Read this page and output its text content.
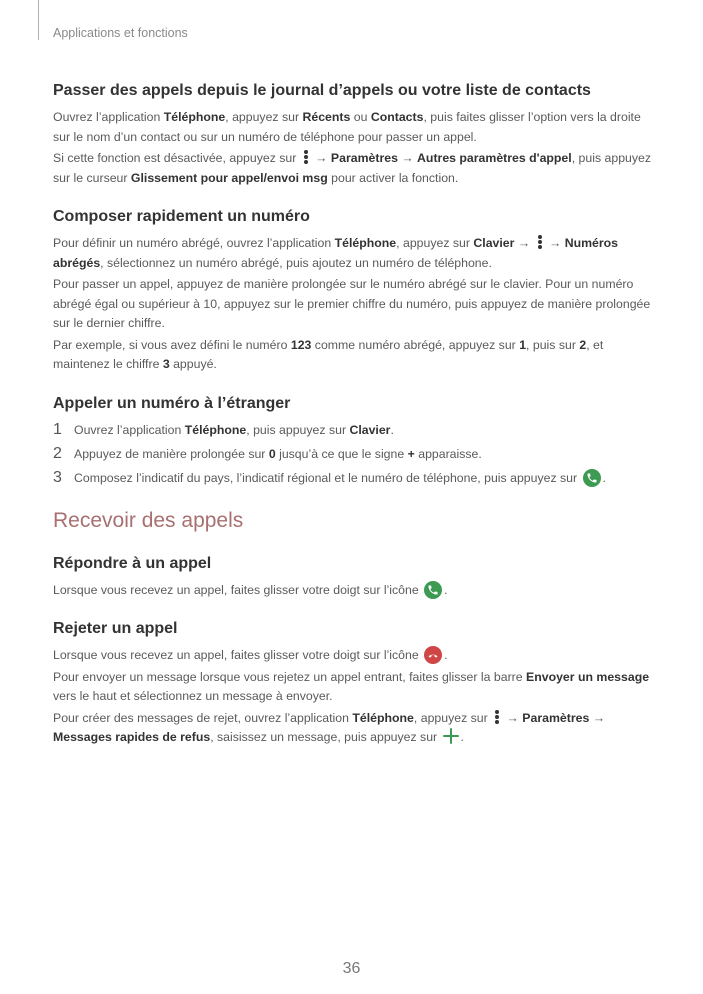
Applications et fonctions
Passer des appels depuis le journal d’appels ou votre liste de contacts

Ouvrez l’application Téléphone, appuyez sur Récents ou Contacts, puis faites glisser l’option vers la droite sur le nom d’un contact ou sur un numéro de téléphone pour passer un appel.

Si cette fonction est désactivée, appuyez sur
→ Paramètres → Autres paramètres d'appel, puis appuyez sur le curseur Glissement pour appel/envoi msg pour activer la fonction.

Composer rapidement un numéro

Pour définir un numéro abrégé, ouvrez l’application Téléphone, appuyez sur Clavier →
→ Numéros abrégés, sélectionnez un numéro abrégé, puis ajoutez un numéro de téléphone.

Pour passer un appel, appuyez de manière prolongée sur le numéro abrégé sur le clavier. Pour un numéro abrégé égal ou supérieur à 10, appuyez sur le premier chiffre du numéro, puis appuyez de manière prolongée sur le dernier chiffre.

Par exemple, si vous avez défini le numéro 123 comme numéro abrégé, appuyez sur 1, puis sur 2, et maintenez le chiffre 3 appuyé.

Appeler un numéro à l’étranger
1 Ouvrez l’application Téléphone, puis appuyez sur Clavier.
2 Appuyez de manière prolongée sur 0 jusqu’à ce que le signe + apparaisse.
3 Composez l’indicatif du pays, l’indicatif régional et le numéro de téléphone, puis appuyez sur
.
Recevoir des appels
Répondre à un appel

Lorsque vous recevez un appel, faites glisser votre doigt sur l’icône
.

Rejeter un appel

Lorsque vous recevez un appel, faites glisser votre doigt sur l’icône
.

Pour envoyer un message lorsque vous rejetez un appel entrant, faites glisser la barre Envoyer un message vers le haut et sélectionnez un message à envoyer.

Pour créer des messages de rejet, ouvrez l’application Téléphone, appuyez sur
→ Paramètres → Messages rapides de refus, saisissez un message, puis appuyez sur .

36
